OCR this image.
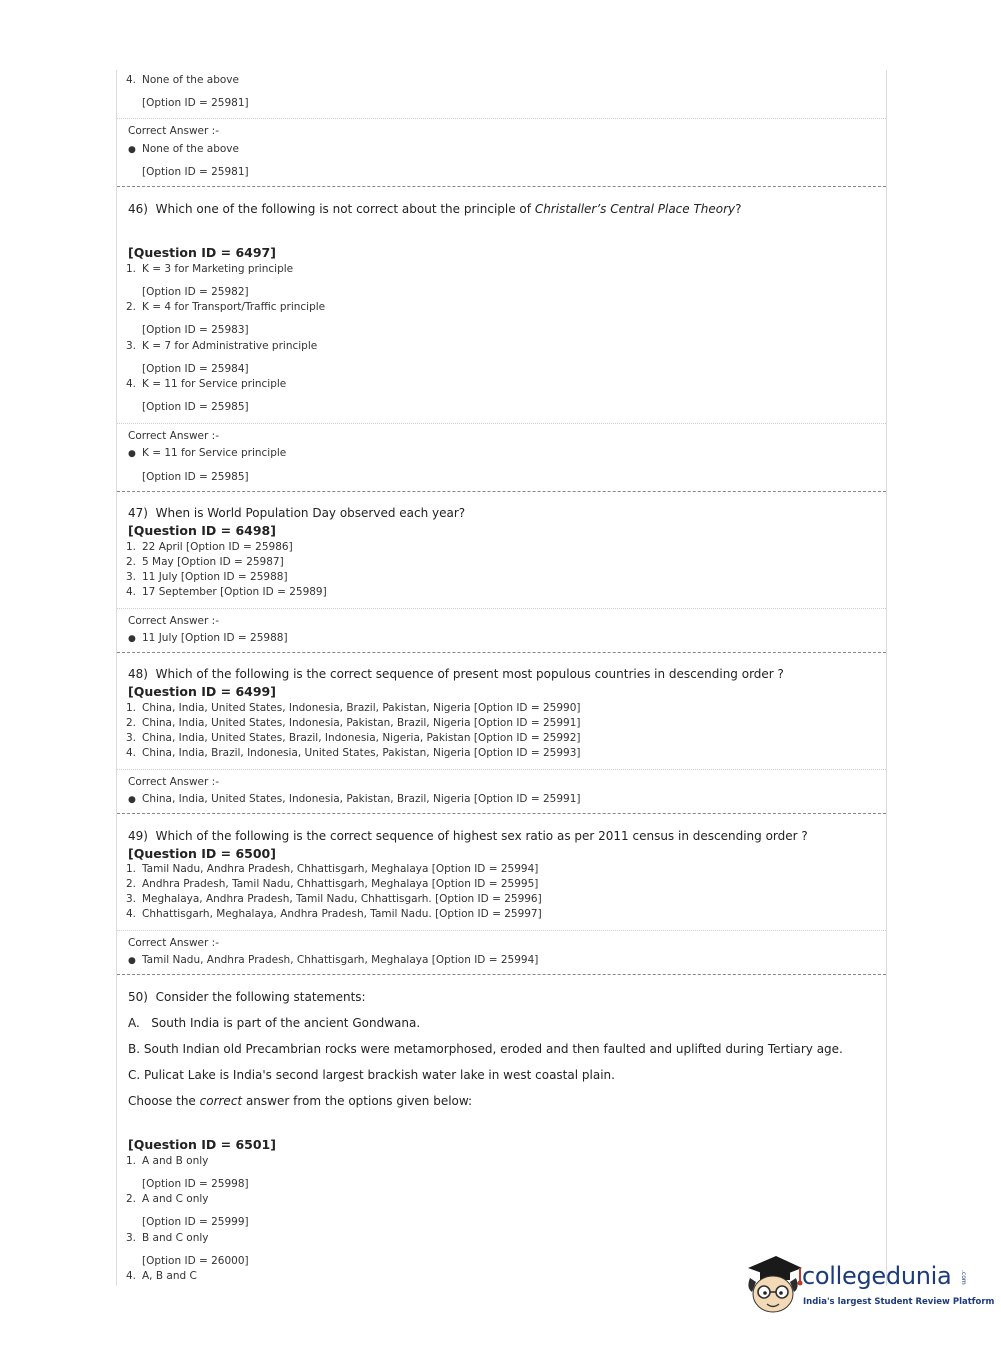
4. None of the above
[Option ID = 25981]
Correct Answer :-
● None of the above
[Option ID = 25981]
46) Which one of the following is not correct about the principle of Christaller’s Central Place Theory?
[Question ID = 6497]
1. K = 3 for Marketing principle
[Option ID = 25982]
2. K = 4 for Transport/Traffic principle
[Option ID = 25983]
3. K = 7 for Administrative principle
[Option ID = 25984]
4. K = 11 for Service principle
[Option ID = 25985]
Correct Answer :-
● K = 11 for Service principle
[Option ID = 25985]
47) When is World Population Day observed each year?
[Question ID = 6498]
1. 22 April [Option ID = 25986]
2. 5 May [Option ID = 25987]
3. 11 July [Option ID = 25988]
4. 17 September [Option ID = 25989]
Correct Answer :-
● 11 July [Option ID = 25988]
48) Which of the following is the correct sequence of present most populous countries in descending order ?
[Question ID = 6499]
1. China, India, United States, Indonesia, Brazil, Pakistan, Nigeria [Option ID = 25990]
2. China, India, United States, Indonesia, Pakistan, Brazil, Nigeria [Option ID = 25991]
3. China, India, United States, Brazil, Indonesia, Nigeria, Pakistan [Option ID = 25992]
4. China, India, Brazil, Indonesia, United States, Pakistan, Nigeria [Option ID = 25993]
Correct Answer :-
● China, India, United States, Indonesia, Pakistan, Brazil, Nigeria [Option ID = 25991]
49) Which of the following is the correct sequence of highest sex ratio as per 2011 census in descending order ?
[Question ID = 6500]
1. Tamil Nadu, Andhra Pradesh, Chhattisgarh, Meghalaya [Option ID = 25994]
2. Andhra Pradesh, Tamil Nadu, Chhattisgarh, Meghalaya [Option ID = 25995]
3. Meghalaya, Andhra Pradesh, Tamil Nadu, Chhattisgarh. [Option ID = 25996]
4. Chhattisgarh, Meghalaya, Andhra Pradesh, Tamil Nadu. [Option ID = 25997]
Correct Answer :-
● Tamil Nadu, Andhra Pradesh, Chhattisgarh, Meghalaya [Option ID = 25994]
50) Consider the following statements:
A. South India is part of the ancient Gondwana.
B. South Indian old Precambrian rocks were metamorphosed, eroded and then faulted and uplifted during Tertiary age.
C. Pulicat Lake is India's second largest brackish water lake in west coastal plain.
Choose the correct answer from the options given below:
[Question ID = 6501]
1. A and B only
[Option ID = 25998]
2. A and C only
[Option ID = 25999]
3. B and C only
[Option ID = 26000]
4. A, B and C	collegedunia .com
India's largest Student Review Platform
